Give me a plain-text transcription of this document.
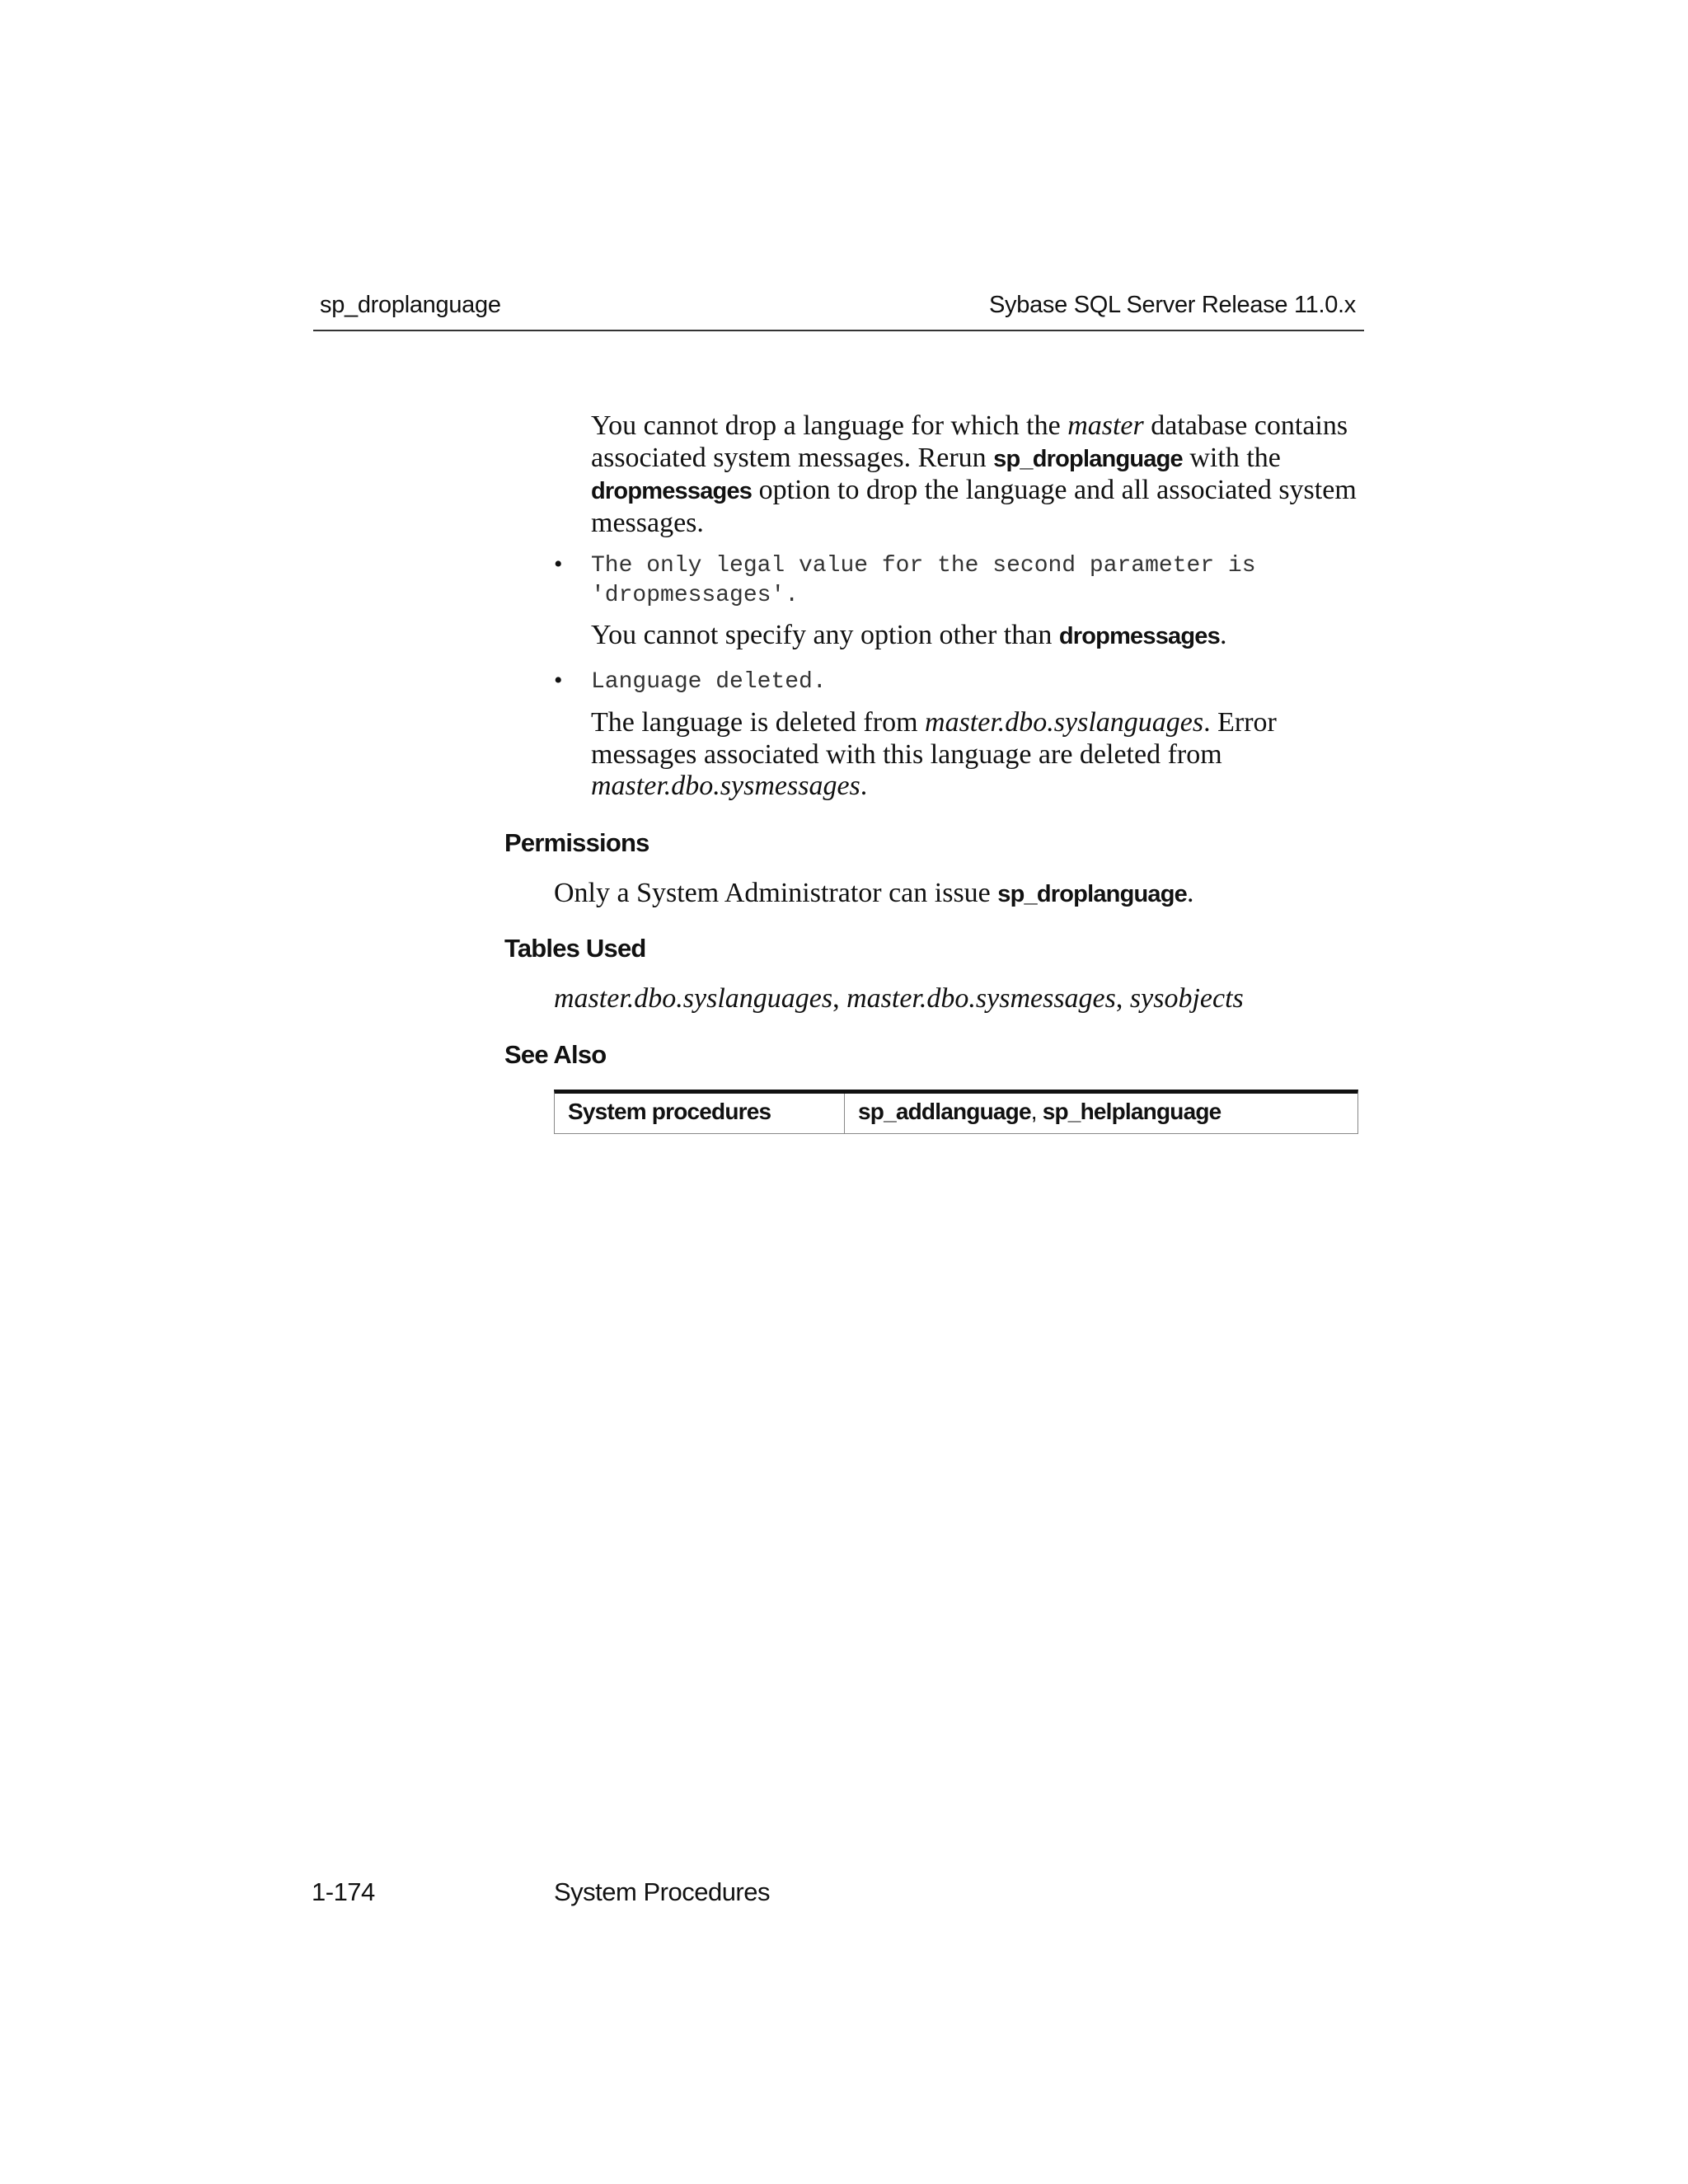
sp_droplanguage	Sybase SQL Server Release 11.0.x
You cannot drop a language for which the master database contains associated system messages. Rerun sp_droplanguage with the dropmessages option to drop the language and all associated system messages.
• The only legal value for the second parameter is
'dropmessages'.
You cannot specify any option other than dropmessages.
• Language deleted.
The language is deleted from master.dbo.syslanguages. Error messages associated with this language are deleted from master.dbo.sysmessages.
Permissions
Only a System Administrator can issue sp_droplanguage.
Tables Used
master.dbo.syslanguages, master.dbo.sysmessages, sysobjects
See Also
System procedures	sp_addlanguage, sp_helplanguage
1-174	System Procedures
